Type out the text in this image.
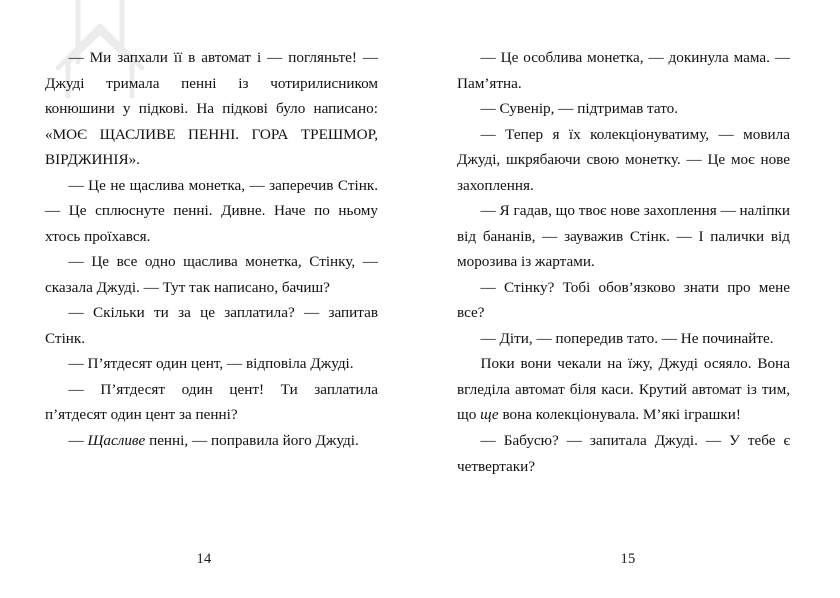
— Ми запхали її в автомат і — погляньте! — Джуді тримала пенні із чотирилисником конюшини у підкові. На підкові було написано: «МОЄ ЩАСЛИВЕ ПЕННІ. ГОРА ТРЕШМОР, ВІРДЖИНІЯ».

— Це не щаслива монетка, — заперечив Стінк. — Це сплюснуте пенні. Дивне. Наче по ньому хтось проїхався.

— Це все одно щаслива монетка, Стінку, — сказала Джуді. — Тут так написано, бачиш?

— Скільки ти за це заплатила? — запитав Стінк.

— П’ятдесят один цент, — відповіла Джуді.

— П’ятдесят один цент! Ти заплатила п’ятдесят один цент за пенні?

— Щасливе пенні, — поправила його Джуді.

14

— Це особлива монетка, — докинула мама. — Пам’ятна.

— Сувенір, — підтримав тато.

— Тепер я їх колекціонуватиму, — мовила Джуді, шкрябаючи свою монетку. — Це моє нове захоплення.

— Я гадав, що твоє нове захоплення — наліпки від бананів, — зауважив Стінк. — І палички від морозива із жартами.

— Стінку? Тобі обов’язково знати про мене все?

— Діти, — попередив тато. — Не починайте.

Поки вони чекали на їжу, Джуді осяяло. Вона вгледіла автомат біля каси. Крутий автомат із тим, що ще вона колекціонувала. М’які іграшки!

— Бабусю? — запитала Джуді. — У тебе є четвертаки?

15
